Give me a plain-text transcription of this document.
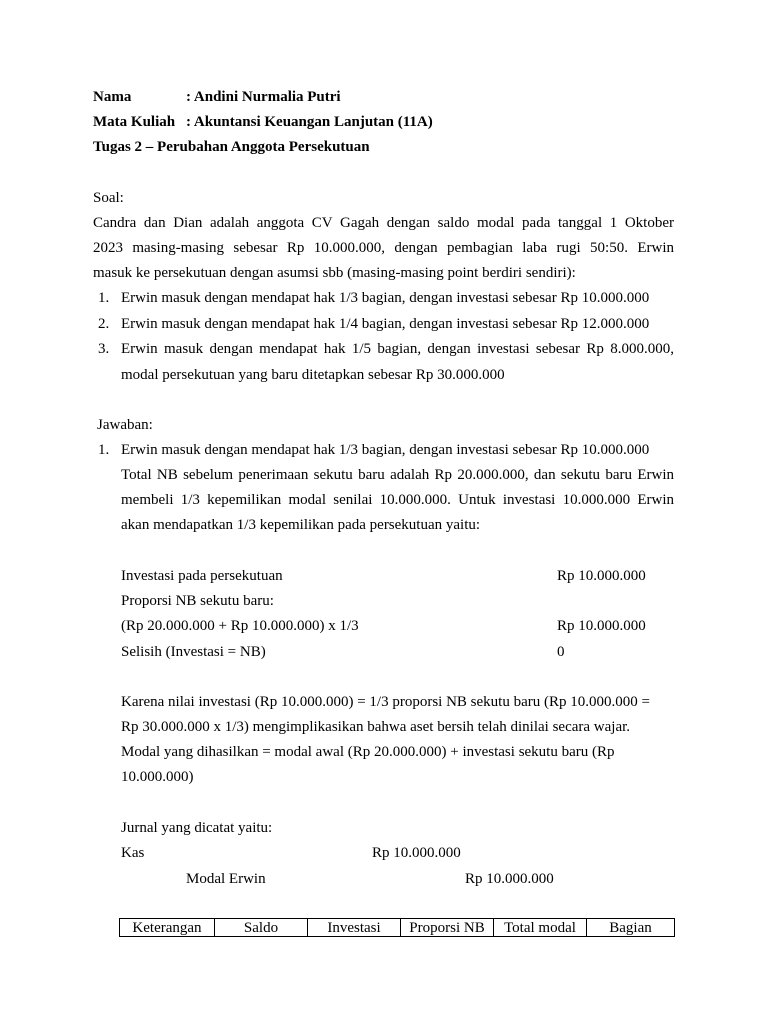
Nama	: Andini Nurmalia Putri
Mata Kuliah : Akuntansi Keuangan Lanjutan (11A)
Tugas 2 – Perubahan Anggota Persekutuan
Soal:
Candra dan Dian adalah anggota CV Gagah dengan saldo modal pada tanggal 1 Oktober
2023 masing-masing sebesar Rp 10.000.000, dengan pembagian laba rugi 50:50. Erwin
masuk ke persekutuan dengan asumsi sbb (masing-masing point berdiri sendiri):
1. Erwin masuk dengan mendapat hak 1/3 bagian, dengan investasi sebesar Rp 10.000.000
2. Erwin masuk dengan mendapat hak 1/4 bagian, dengan investasi sebesar Rp 12.000.000
3. Erwin masuk dengan mendapat hak 1/5 bagian, dengan investasi sebesar Rp 8.000.000,
modal persekutuan yang baru ditetapkan sebesar Rp 30.000.000
Jawaban:
1. Erwin masuk dengan mendapat hak 1/3 bagian, dengan investasi sebesar Rp 10.000.000
Total NB sebelum penerimaan sekutu baru adalah Rp 20.000.000, dan sekutu baru Erwin
membeli 1/3 kepemilikan modal senilai 10.000.000. Untuk investasi 10.000.000 Erwin
akan mendapatkan 1/3 kepemilikan pada persekutuan yaitu:
Investasi pada persekutuan	Rp 10.000.000
Proporsi NB sekutu baru:
(Rp 20.000.000 + Rp 10.000.000) x 1/3	Rp 10.000.000
Selisih (Investasi = NB)	0
Karena nilai investasi (Rp 10.000.000) = 1/3 proporsi NB sekutu baru (Rp 10.000.000 =
Rp 30.000.000 x 1/3) mengimplikasikan bahwa aset bersih telah dinilai secara wajar.
Modal yang dihasilkan = modal awal (Rp 20.000.000) + investasi sekutu baru (Rp
10.000.000)
Jurnal yang dicatat yaitu:
Kas	Rp 10.000.000
Modal Erwin	Rp 10.000.000
Keterangan	Saldo	Investasi	Proporsi NB	Total modal	Bagian
